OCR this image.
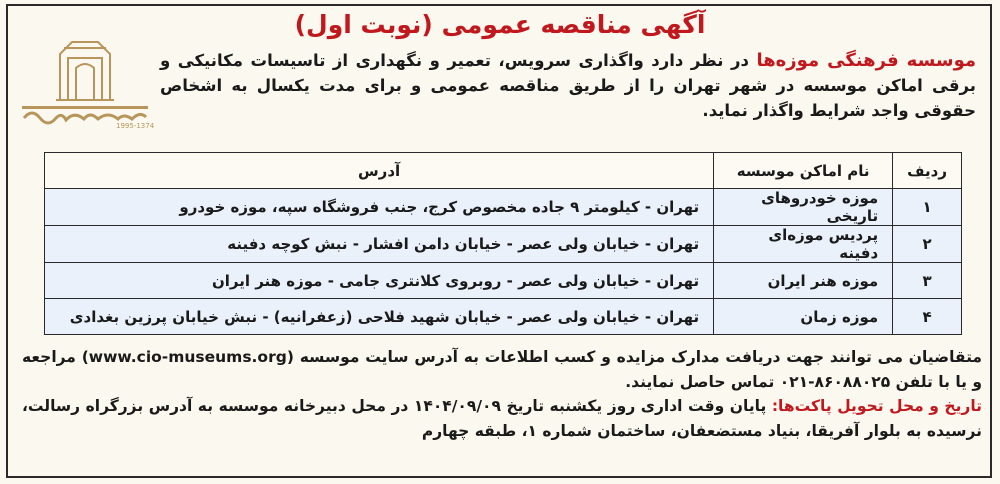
آگهی مناقصه عمومی (نوبت اول)
1995-1374
موسسه فرهنگی موزه‌ها در نظر دارد واگذاری سرویس، تعمیر و نگهداری از تاسیسات مکانیکی و برقی اماکن موسسه در شهر تهران را از طریق مناقصه عمومی و برای مدت یکسال به اشخاص حقوقی واجد شرایط واگذار نماید.
ردیف	نام اماکن موسسه	آدرس
۱	موزه خودروهای تاریخی	تهران - کیلومتر ۹ جاده مخصوص کرج، جنب فروشگاه سپه، موزه خودرو
۲	پردیس موزه‌ای دفینه	تهران - خیابان ولی عصر - خیابان دامن افشار - نبش کوچه دفینه
۳	موزه هنر ایران	تهران - خیابان ولی عصر - روبروی کلانتری جامی - موزه هنر ایران
۴	موزه زمان	تهران - خیابان ولی عصر - خیابان شهید فلاحی (زعفرانیه) - نبش خیابان پرزین بغدادی

متقاضیان می توانند جهت دریافت مدارک مزایده و کسب اطلاعات به آدرس سایت موسسه (www.cio-museums.org) مراجعه و یا با تلفن ۸۶۰۸۸۰۲۵-۰۲۱ تماس حاصل نمایند.

تاریخ و محل تحویل پاکت‌ها: پایان وقت اداری روز یکشنبه تاریخ ۱۴۰۴/۰۹/۰۹ در محل دبیرخانه موسسه به آدرس بزرگراه رسالت، نرسیده به بلوار آفریقا، بنیاد مستضعفان، ساختمان شماره ۱، طبقه چهارم
